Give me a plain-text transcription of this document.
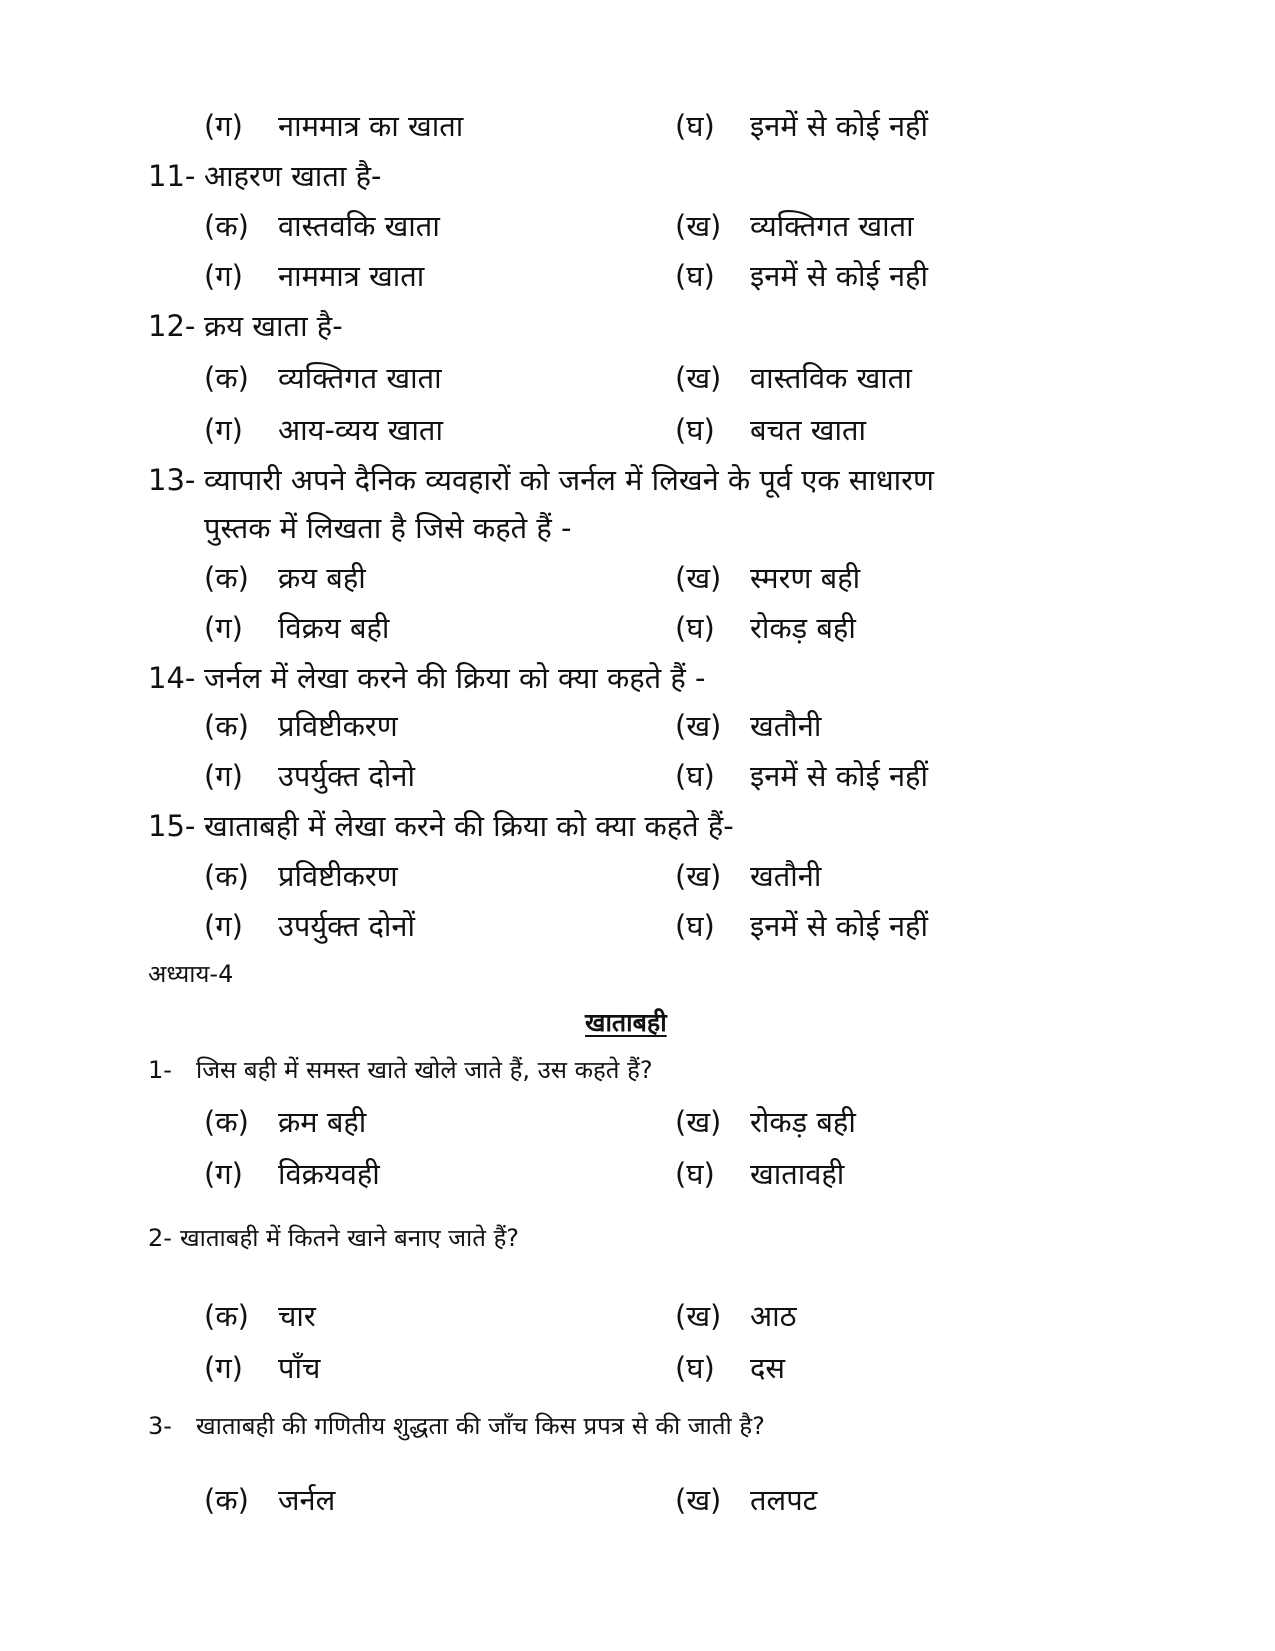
(ग) नाममात्र का खाता	(घ) इनमें से कोई नहीं
11- आहरण खाता है-
(क) वास्तवकि खाता	(ख) व्यक्तिगत खाता
(ग) नाममात्र खाता	(घ) इनमें से कोई नही
12- क्रय खाता है-
(क) व्यक्तिगत खाता	(ख) वास्तविक खाता
(ग) आय-व्यय खाता	(घ) बचत खाता
13- व्यापारी अपने दैनिक व्यवहारों को जर्नल में लिखने के पूर्व एक साधारण
पुस्तक में लिखता है जिसे कहते हैं -
(क) क्रय बही	(ख) स्मरण बही
(ग) विक्रय बही	(घ) रोकड़ बही
14- जर्नल में लेखा करने की क्रिया को क्या कहते हैं -
(क) प्रविष्टीकरण	(ख) खतौनी
(ग) उपर्युक्त दोनो	(घ) इनमें से कोई नहीं
15- खाताबही में लेखा करने की क्रिया को क्या कहते हैं-
(क) प्रविष्टीकरण	(ख) खतौनी
(ग) उपर्युक्त दोनों	(घ) इनमें से कोई नहीं
अध्याय-4
खाताबही
1- जिस बही में समस्त खाते खोले जाते हैं, उस कहते हैं?
(क) क्रम बही	(ख) रोकड़ बही
(ग) विक्रयवही	(घ) खातावही
2- खाताबही में कितने खाने बनाए जाते हैं?
(क) चार	(ख) आठ
(ग) पाँच	(घ) दस
3- खाताबही की गणितीय शुद्धता की जाँच किस प्रपत्र से की जाती है?
(क) जर्नल	(ख) तलपट
